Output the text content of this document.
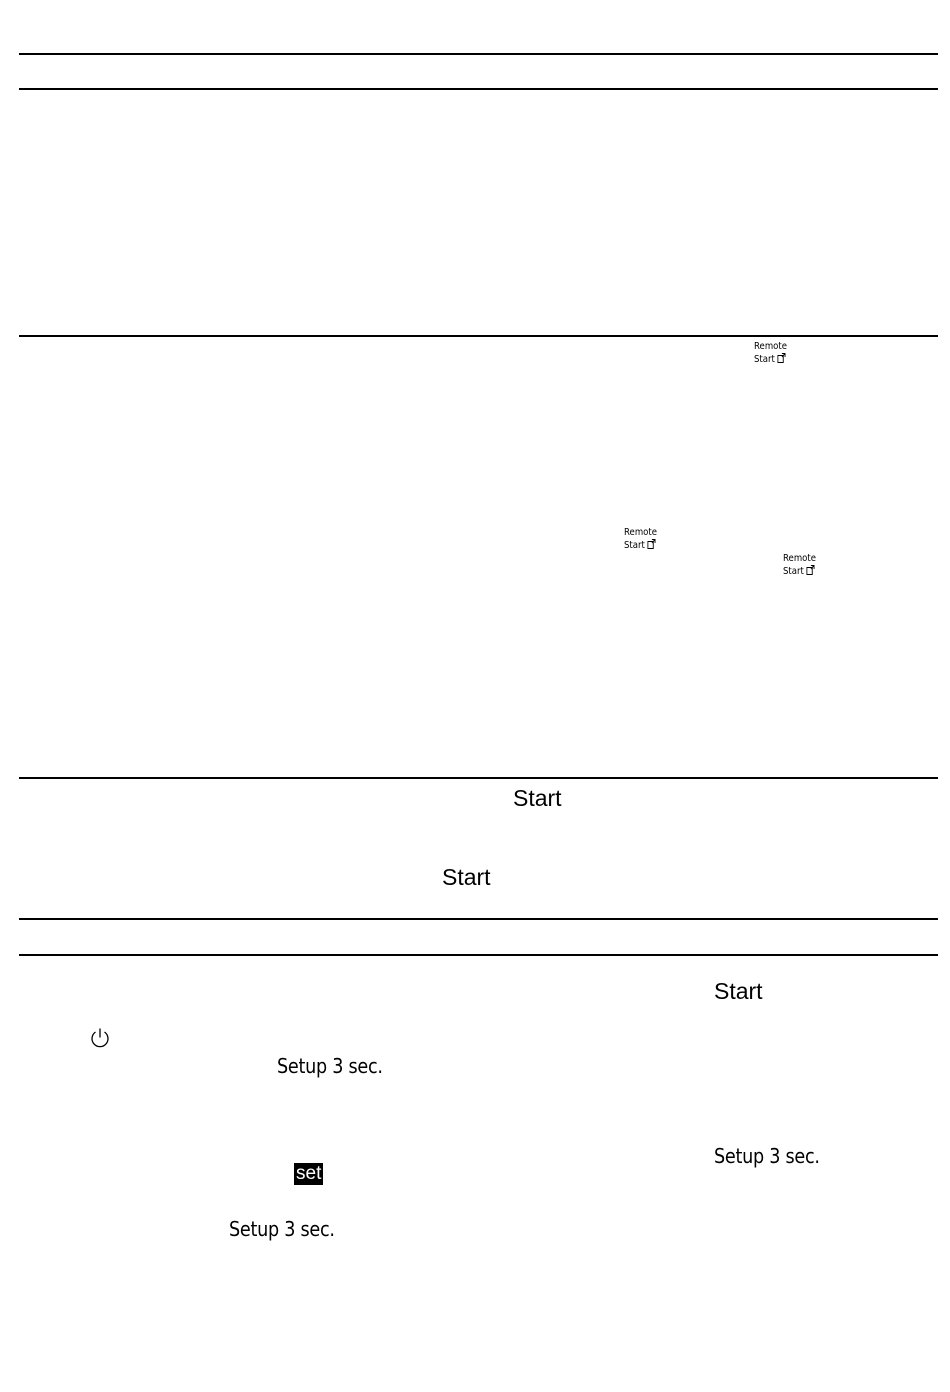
Remote
Start
Remote
Start
Remote
Start
Start
Start
Start
Setup 3 sec.
Setup 3 sec.
Setup 3 sec.
set
